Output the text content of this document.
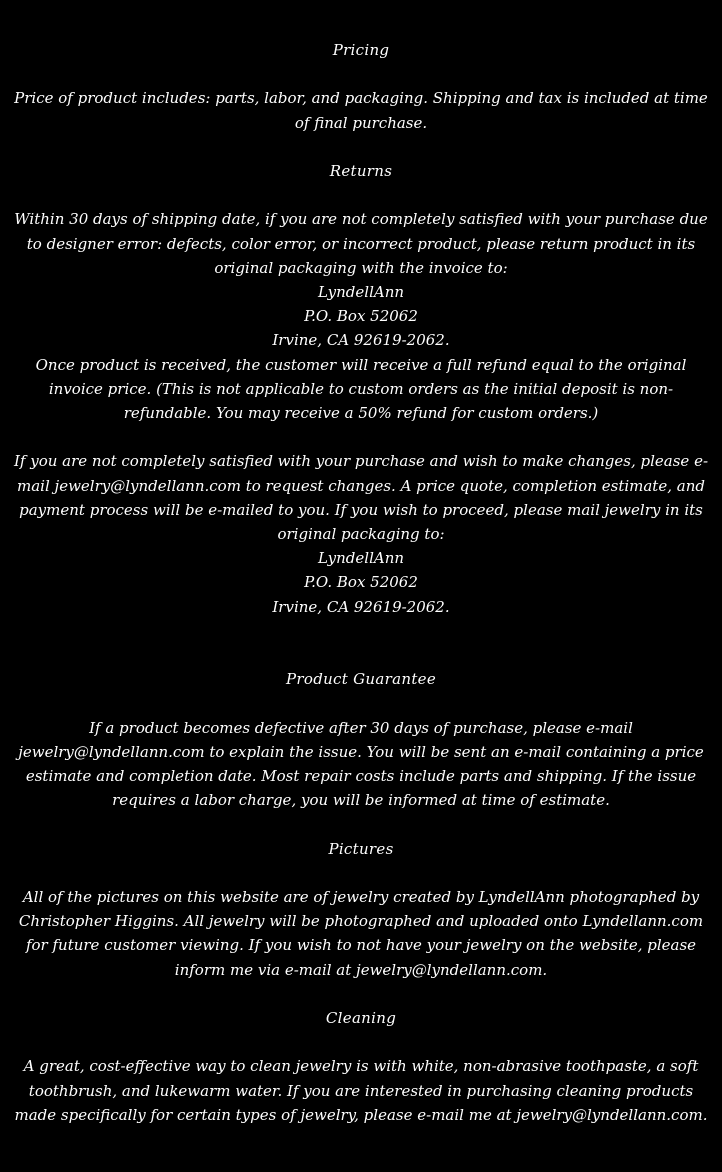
Pricing

Price of product includes: parts, labor, and packaging. Shipping and tax is included at time of final purchase.

Returns

Within 30 days of shipping date, if you are not completely satisfied with your purchase due to designer error: defects, color error, or incorrect product, please return product in its original packaging with the invoice to:

LyndellAnn
P.O. Box 52062
Irvine, CA 92619-2062.

Once product is received, the customer will receive a full refund equal to the original invoice price. (This is not applicable to custom orders as the initial deposit is non-refundable. You may receive a 50% refund for custom orders.)

If you are not completely satisfied with your purchase and wish to make changes, please e-mail jewelry@lyndellann.com to request changes. A price quote, completion estimate, and payment process will be e-mailed to you. If you wish to proceed, please mail jewelry in its original packaging to:

LyndellAnn
P.O. Box 52062
Irvine, CA 92619-2062.

Product Guarantee

If a product becomes defective after 30 days of purchase, please e-mail jewelry@lyndellann.com to explain the issue. You will be sent an e-mail containing a price estimate and completion date. Most repair costs include parts and shipping. If the issue requires a labor charge, you will be informed at time of estimate.

Pictures

All of the pictures on this website are of jewelry created by LyndellAnn photographed by Christopher Higgins. All jewelry will be photographed and uploaded onto Lyndellann.com for future customer viewing. If you wish to not have your jewelry on the website, please inform me via e-mail at jewelry@lyndellann.com.

Cleaning

A great, cost-effective way to clean jewelry is with white, non-abrasive toothpaste, a soft toothbrush, and lukewarm water. If you are interested in purchasing cleaning products made specifically for certain types of jewelry, please e-mail me at jewelry@lyndellann.com.
